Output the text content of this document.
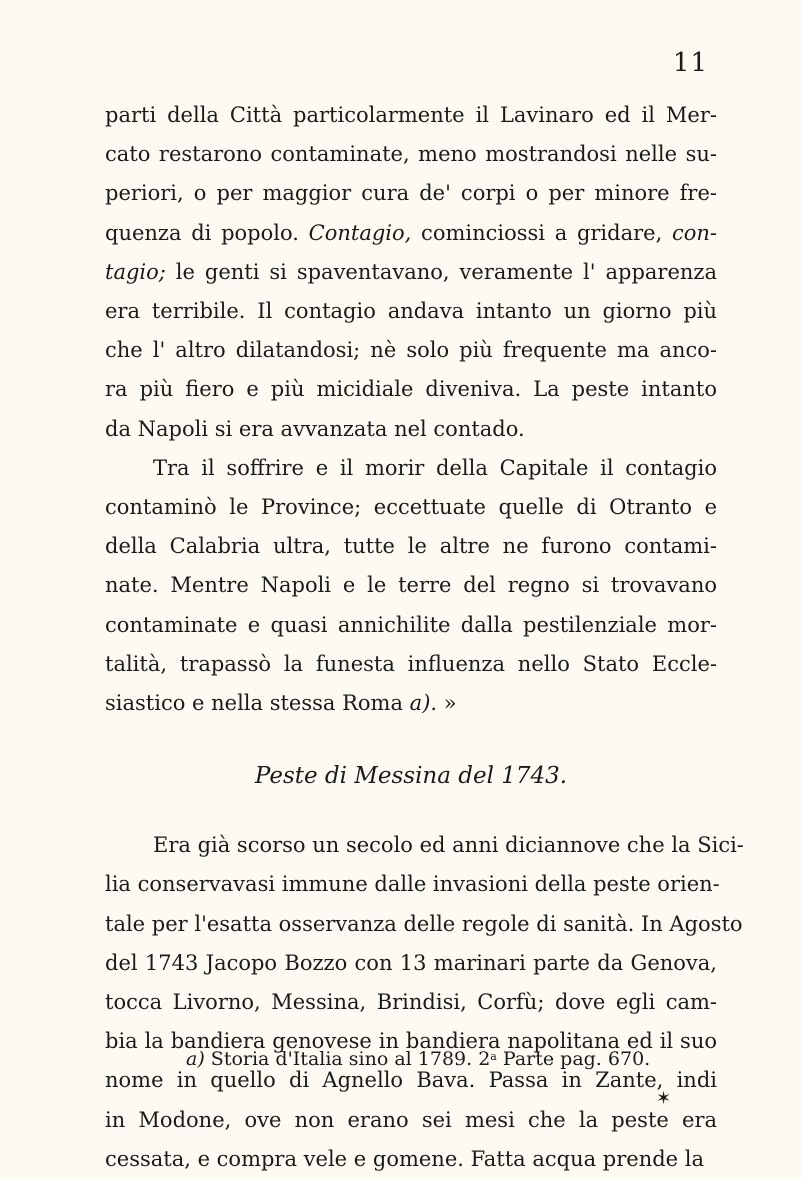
11
parti della Città particolarmente il Lavinaro ed il Mer-
cato restarono contaminate, meno mostrandosi nelle su-
periori, o per maggior cura de' corpi o per minore fre-
quenza di popolo. Contagio, cominciossi a gridare, con-
tagio; le genti si spaventavano, veramente l' apparenza
era terribile. Il contagio andava intanto un giorno più
che l' altro dilatandosi; nè solo più frequente ma anco-
ra più fiero e più micidiale diveniva. La peste intanto
da Napoli si era avvanzata nel contado.
Tra il soffrire e il morir della Capitale il contagio
contaminò le Province; eccettuate quelle di Otranto e
della Calabria ultra, tutte le altre ne furono contami-
nate. Mentre Napoli e le terre del regno si trovavano
contaminate e quasi annichilite dalla pestilenziale mor-
talità, trapassò la funesta influenza nello Stato Eccle-
siastico e nella stessa Roma a). »
Peste di Messina del 1743.
Era già scorso un secolo ed anni diciannove che la Sici-
lia conservavasi immune dalle invasioni della peste orien-
tale per l'esatta osservanza delle regole di sanità. In Agosto
del 1743 Jacopo Bozzo con 13 marinari parte da Genova,
tocca Livorno, Messina, Brindisi, Corfù; dove egli cam-
bia la bandiera genovese in bandiera napolitana ed il suo
nome in quello di Agnello Bava. Passa in Zante, indi
in Modone, ove non erano sei mesi che la peste era
cessata, e compra vele e gomene. Fatta acqua prende la
a) Storia d'Italia sino al 1789. 2$^a$ Parte pag. 670.
✶
